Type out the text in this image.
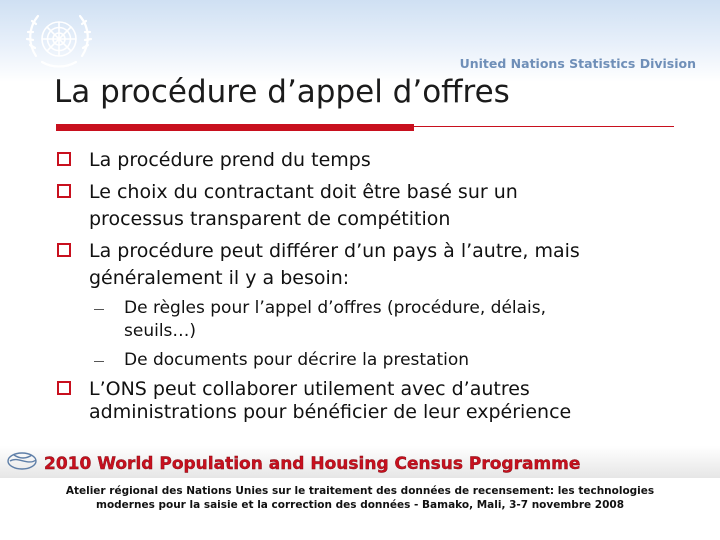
United Nations Statistics Division
La procédure d’appel d’offres
La procédure prend du temps
Le choix du contractant doit être basé sur un
processus transparent de compétition
La procédure peut différer d’un pays à l’autre, mais
généralement il y a besoin:
De règles pour l’appel d’offres (procédure, délais,
seuils…)
De documents pour décrire la prestation
L’ONS peut collaborer utilement avec d’autres
administrations pour bénéficier de leur expérience
2010 World Population and Housing Census Programme
Atelier régional des Nations Unies sur le traitement des données de recensement: les technologies
modernes pour la saisie et la correction des données - Bamako, Mali, 3-7 novembre 2008
